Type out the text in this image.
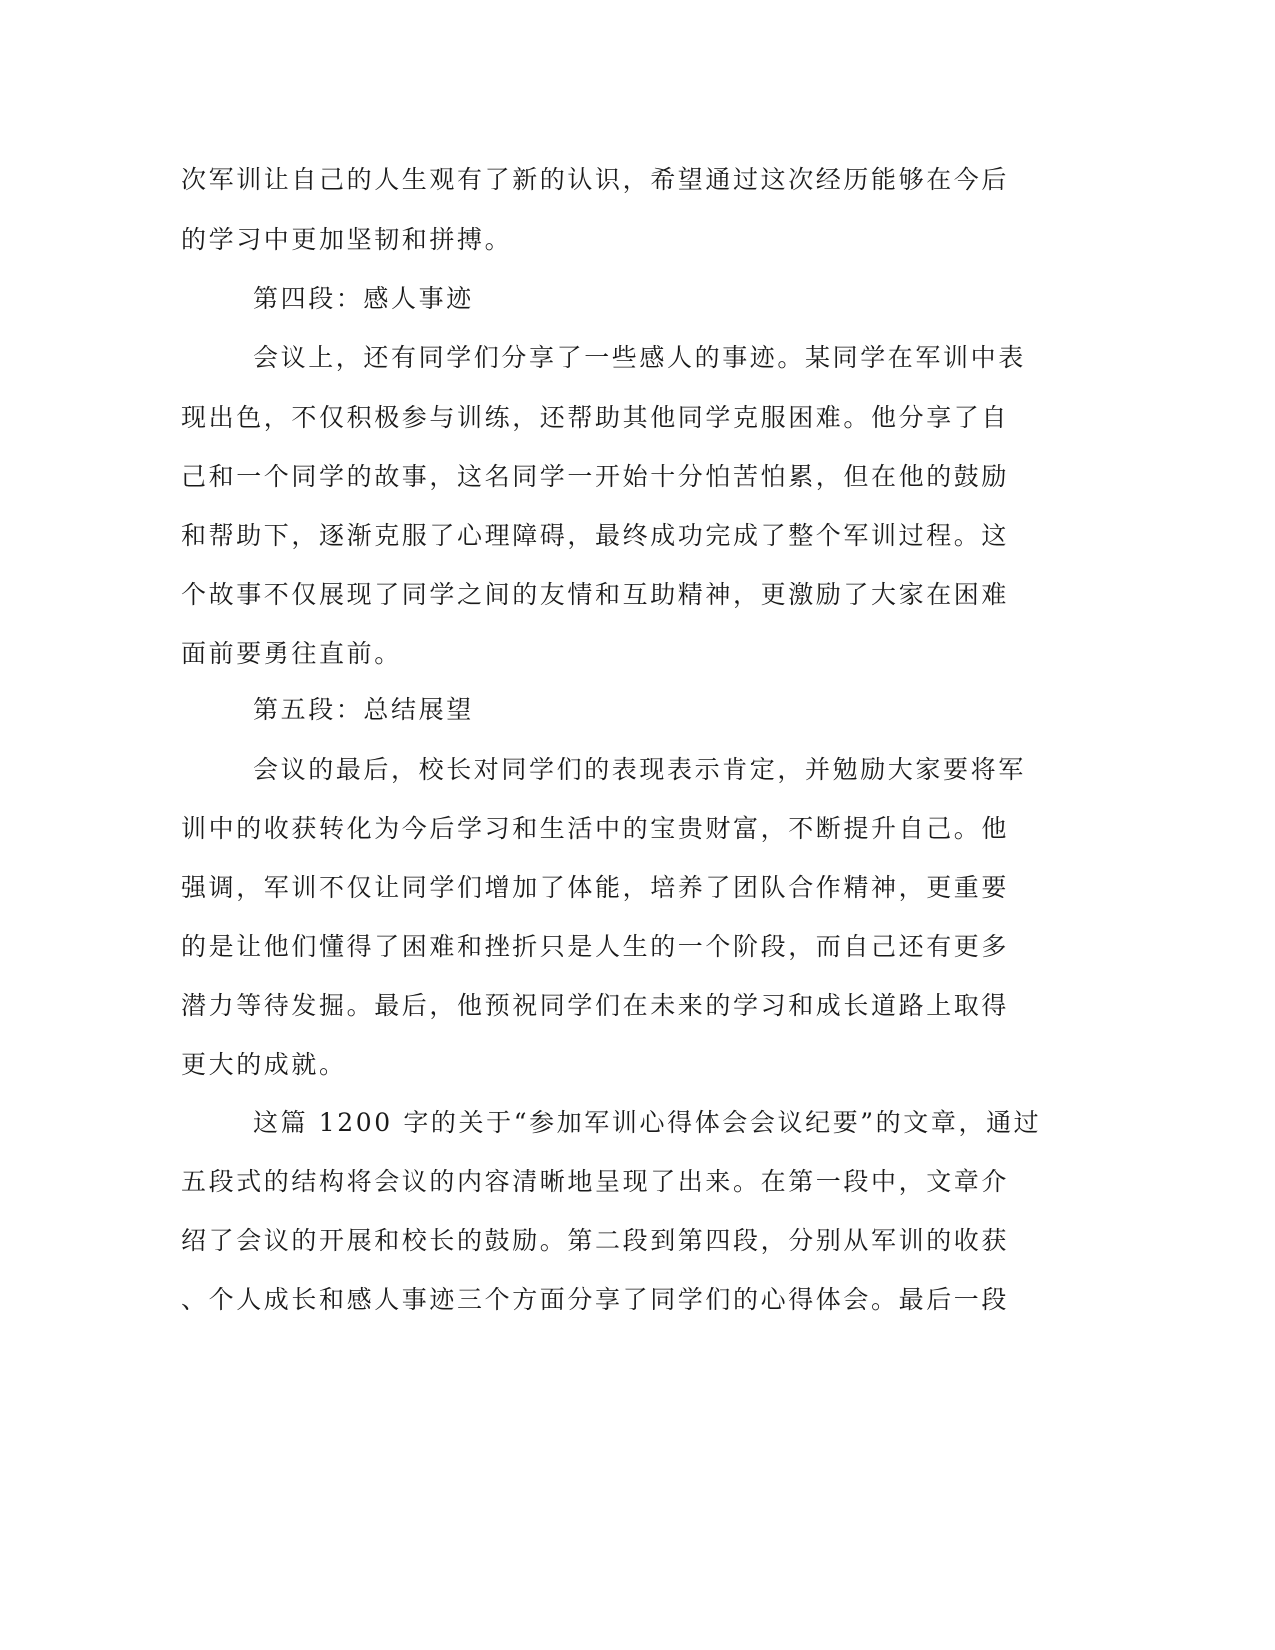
次军训让自己的人生观有了新的认识，希望通过这次经历能够在今后
的学习中更加坚韧和拼搏。
第四段：感人事迹
会议上，还有同学们分享了一些感人的事迹。某同学在军训中表
现出色，不仅积极参与训练，还帮助其他同学克服困难。他分享了自
己和一个同学的故事，这名同学一开始十分怕苦怕累，但在他的鼓励
和帮助下，逐渐克服了心理障碍，最终成功完成了整个军训过程。这
个故事不仅展现了同学之间的友情和互助精神，更激励了大家在困难
面前要勇往直前。
第五段：总结展望
会议的最后，校长对同学们的表现表示肯定，并勉励大家要将军
训中的收获转化为今后学习和生活中的宝贵财富，不断提升自己。他
强调，军训不仅让同学们增加了体能，培养了团队合作精神，更重要
的是让他们懂得了困难和挫折只是人生的一个阶段，而自己还有更多
潜力等待发掘。最后，他预祝同学们在未来的学习和成长道路上取得
更大的成就。
这篇 1200 字的关于“参加军训心得体会会议纪要”的文章，通过
五段式的结构将会议的内容清晰地呈现了出来。在第一段中，文章介
绍了会议的开展和校长的鼓励。第二段到第四段，分别从军训的收获
、个人成长和感人事迹三个方面分享了同学们的心得体会。最后一段
